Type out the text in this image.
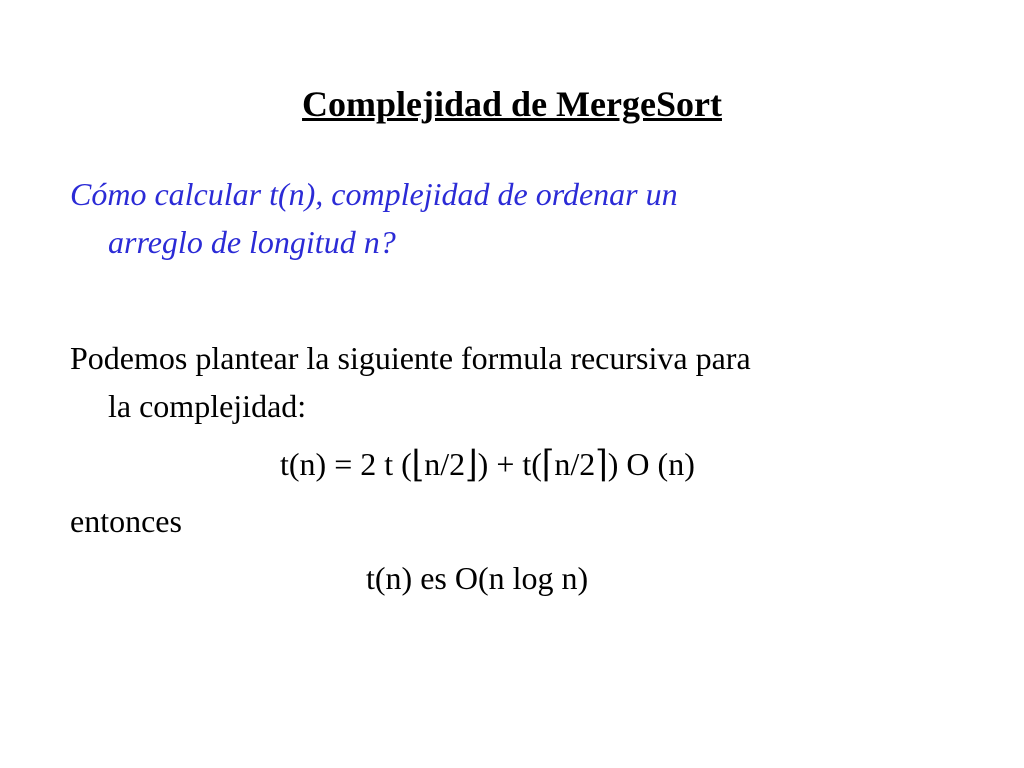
Complejidad de MergeSort
Cómo calcular t(n), complejidad de ordenar un
arreglo de longitud n?
Podemos plantear la siguiente formula recursiva para
la complejidad:
t(n) = 2 t (⌊n/2⌋) + t(⌈n/2⌉) O (n)
entonces
t(n) es O(n log n)
